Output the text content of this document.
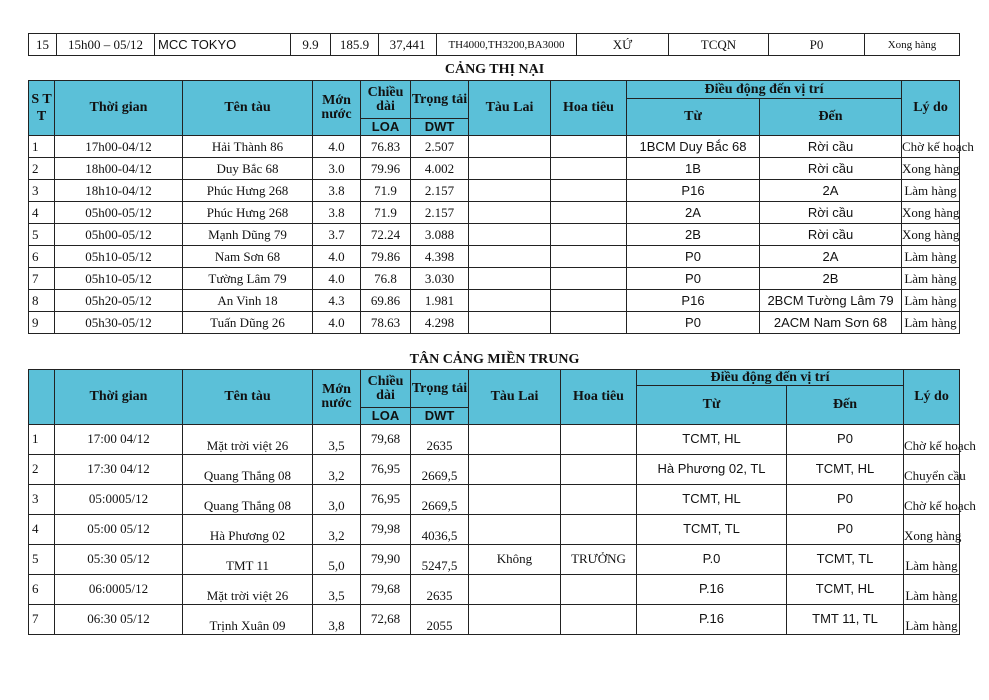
15	15h00 – 05/12	MCC TOKYO	9.9	185.9	37,441	TH4000,TH3200,BA3000	XỨ	TCQN	P0	Xong hàng
CẢNG THỊ NẠI
S T T	Thời gian	Tên tàu	Mớn nước	Chiều dài	Trọng tải	Tàu Lai	Hoa tiêu	Điều động đến vị trí		Lý do
								Từ	Đến	
				LOA	DWT					
1	17h00-04/12	Hải Thành 86	4.0	76.83	2.507			1BCM Duy Bắc 68	Rời cầu	Chờ kế hoạch
2	18h00-04/12	Duy Bắc 68	3.0	79.96	4.002			1B	Rời cầu	Xong hàng
3	18h10-04/12	Phúc Hưng 268	3.8	71.9	2.157			P16	2A	Làm hàng
4	05h00-05/12	Phúc Hưng 268	3.8	71.9	2.157			2A	Rời cầu	Xong hàng
5	05h00-05/12	Mạnh Dũng 79	3.7	72.24	3.088			2B	Rời cầu	Xong hàng
6	05h10-05/12	Nam Sơn 68	4.0	79.86	4.398			P0	2A	Làm hàng
7	05h10-05/12	Tường Lâm 79	4.0	76.8	3.030			P0	2B	Làm hàng
8	05h20-05/12	An Vinh 18	4.3	69.86	1.981			P16	2BCM Tường Lâm 79	Làm hàng
9	05h30-05/12	Tuấn Dũng 26	4.0	78.63	4.298			P0	2ACM Nam Sơn 68	Làm hàng
TÂN CẢNG MIỀN TRUNG
	Thời gian	Tên tàu	Mớn nước	Chiều dài	Trọng tải	Tàu Lai	Hoa tiêu	Điều động đến vị trí		Lý do
								Từ	Đến	
				LOA	DWT					
1	17:00 04/12	Mặt trời việt 26	3,5	79,68	2635			TCMT, HL	P0	Chờ kế hoạch
2	17:30 04/12	Quang Thắng 08	3,2	76,95	2669,5			Hà Phương 02, TL	TCMT, HL	Chuyển cầu
3	05:0005/12	Quang Thắng 08	3,0	76,95	2669,5			TCMT, HL	P0	Chờ kế hoạch
4	05:00 05/12	Hà Phương 02	3,2	79,98	4036,5			TCMT, TL	P0	Xong hàng
5	05:30 05/12	TMT 11	5,0	79,90	5247,5	Không	TRƯỞNG	P.0	TCMT, TL	Làm hàng
6	06:0005/12	Mặt trời việt 26	3,5	79,68	2635			P.16	TCMT, HL	Làm hàng
7	06:30 05/12	Trịnh Xuân 09	3,8	72,68	2055			P.16	TMT 11, TL	Làm hàng
